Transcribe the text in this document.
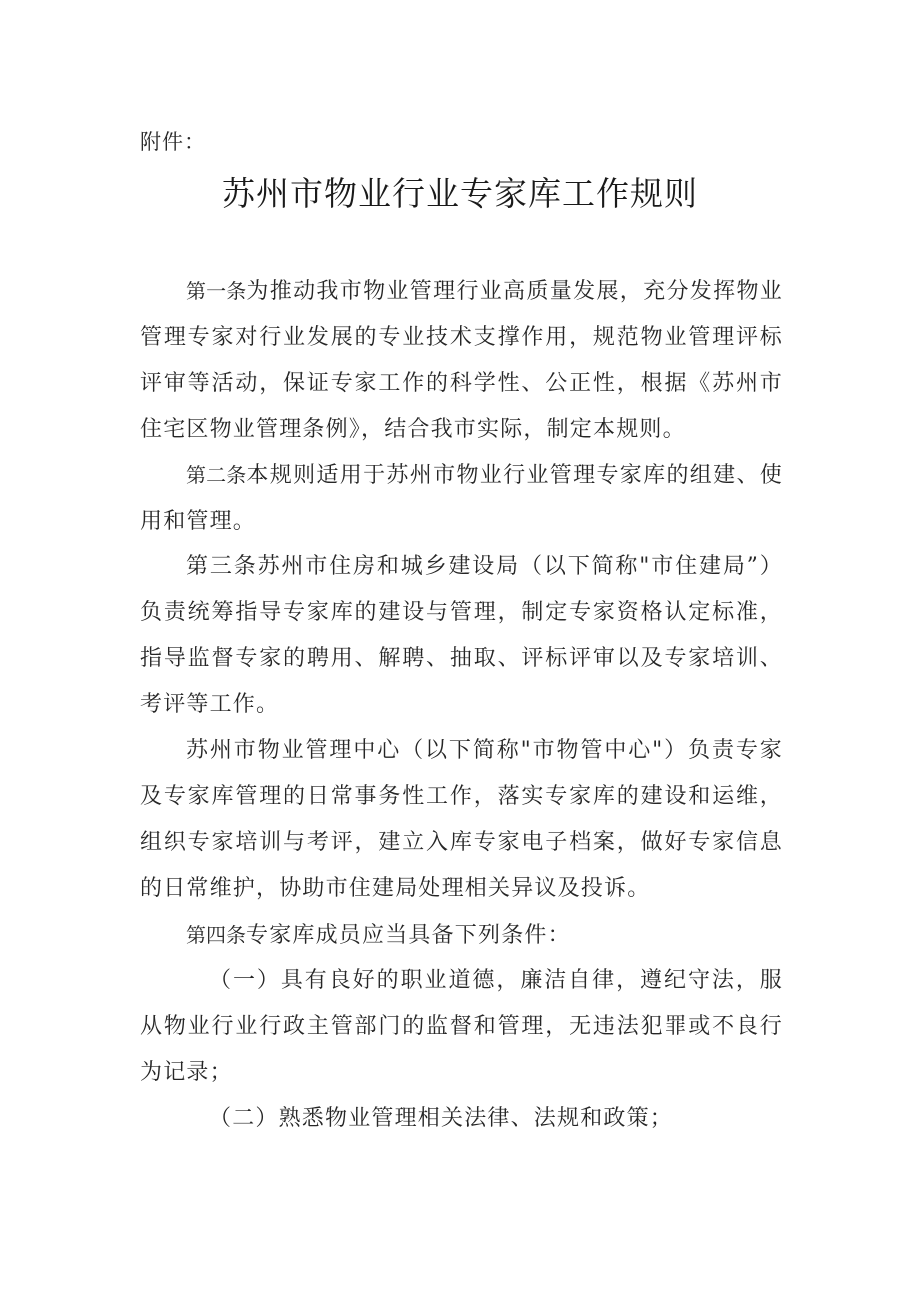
附件：

苏州市物业行业专家库工作规则

第一条为推动我市物业管理行业高质量发展，充分发挥物业管理专家对行业发展的专业技术支撑作用，规范物业管理评标评审等活动，保证专家工作的科学性、公正性，根据《苏州市住宅区物业管理条例》，结合我市实际，制定本规则。

第二条本规则适用于苏州市物业行业管理专家库的组建、使用和管理。

第三条苏州市住房和城乡建设局（以下简称"市住建局”）负责统筹指导专家库的建设与管理，制定专家资格认定标准，指导监督专家的聘用、解聘、抽取、评标评审以及专家培训、考评等工作。

苏州市物业管理中心（以下简称"市物管中心"）负责专家及专家库管理的日常事务性工作，落实专家库的建设和运维，组织专家培训与考评，建立入库专家电子档案，做好专家信息的日常维护，协助市住建局处理相关异议及投诉。

第四条专家库成员应当具备下列条件：

（一）具有良好的职业道德，廉洁自律，遵纪守法，服从物业行业行政主管部门的监督和管理，无违法犯罪或不良行为记录；

（二）熟悉物业管理相关法律、法规和政策；
